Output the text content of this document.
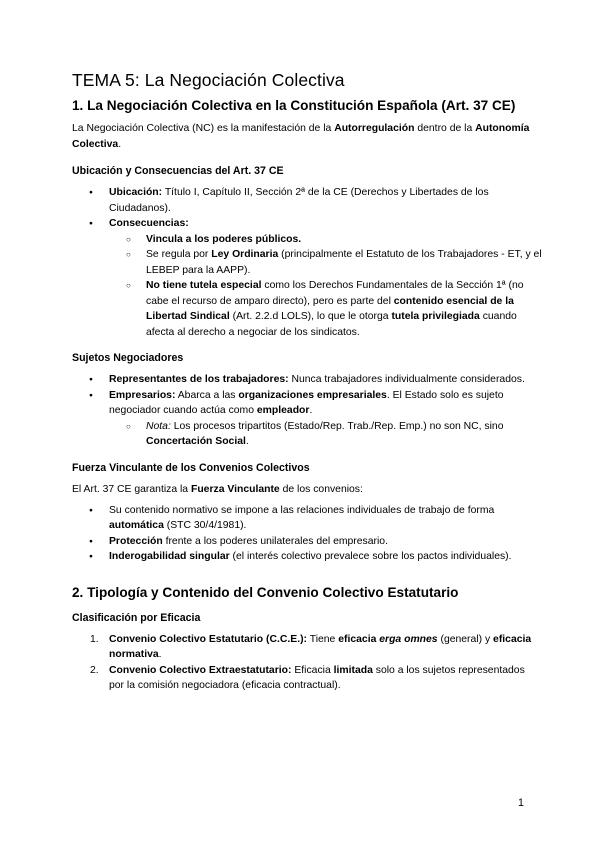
TEMA 5: La Negociación Colectiva
1. La Negociación Colectiva en la Constitución Española (Art. 37 CE)

La Negociación Colectiva (NC) es la manifestación de la Autorregulación dentro de la Autonomía Colectiva.

Ubicación y Consecuencias del Art. 37 CE
● Ubicación: Título I, Capítulo II, Sección 2ª de la CE (Derechos y Libertades de los Ciudadanos).
● Consecuencias:
○ Vincula a los poderes públicos.
○ Se regula por Ley Ordinaria (principalmente el Estatuto de los Trabajadores - ET, y el LEBEP para la AAPP).
○ No tiene tutela especial como los Derechos Fundamentales de la Sección 1ª (no cabe el recurso de amparo directo), pero es parte del contenido esencial de la Libertad Sindical (Art. 2.2.d LOLS), lo que le otorga tutela privilegiada cuando afecta al derecho a negociar de los sindicatos.
Sujetos Negociadores
● Representantes de los trabajadores: Nunca trabajadores individualmente considerados.
● Empresarios: Abarca a las organizaciones empresariales. El Estado solo es sujeto negociador cuando actúa como empleador.
○ Nota: Los procesos tripartitos (Estado/Rep. Trab./Rep. Emp.) no son NC, sino Concertación Social.
Fuerza Vinculante de los Convenios Colectivos

El Art. 37 CE garantiza la Fuerza Vinculante de los convenios:

● Su contenido normativo se impone a las relaciones individuales de trabajo de forma automática (STC 30/4/1981).
● Protección frente a los poderes unilaterales del empresario.
● Inderogabilidad singular (el interés colectivo prevalece sobre los pactos individuales).
2. Tipología y Contenido del Convenio Colectivo Estatutario
Clasificación por Eficacia
1. Convenio Colectivo Estatutario (C.C.E.): Tiene eficacia erga omnes (general) y eficacia normativa.
2. Convenio Colectivo Extraestatutario: Eficacia limitada solo a los sujetos representados por la comisión negociadora (eficacia contractual).
1
